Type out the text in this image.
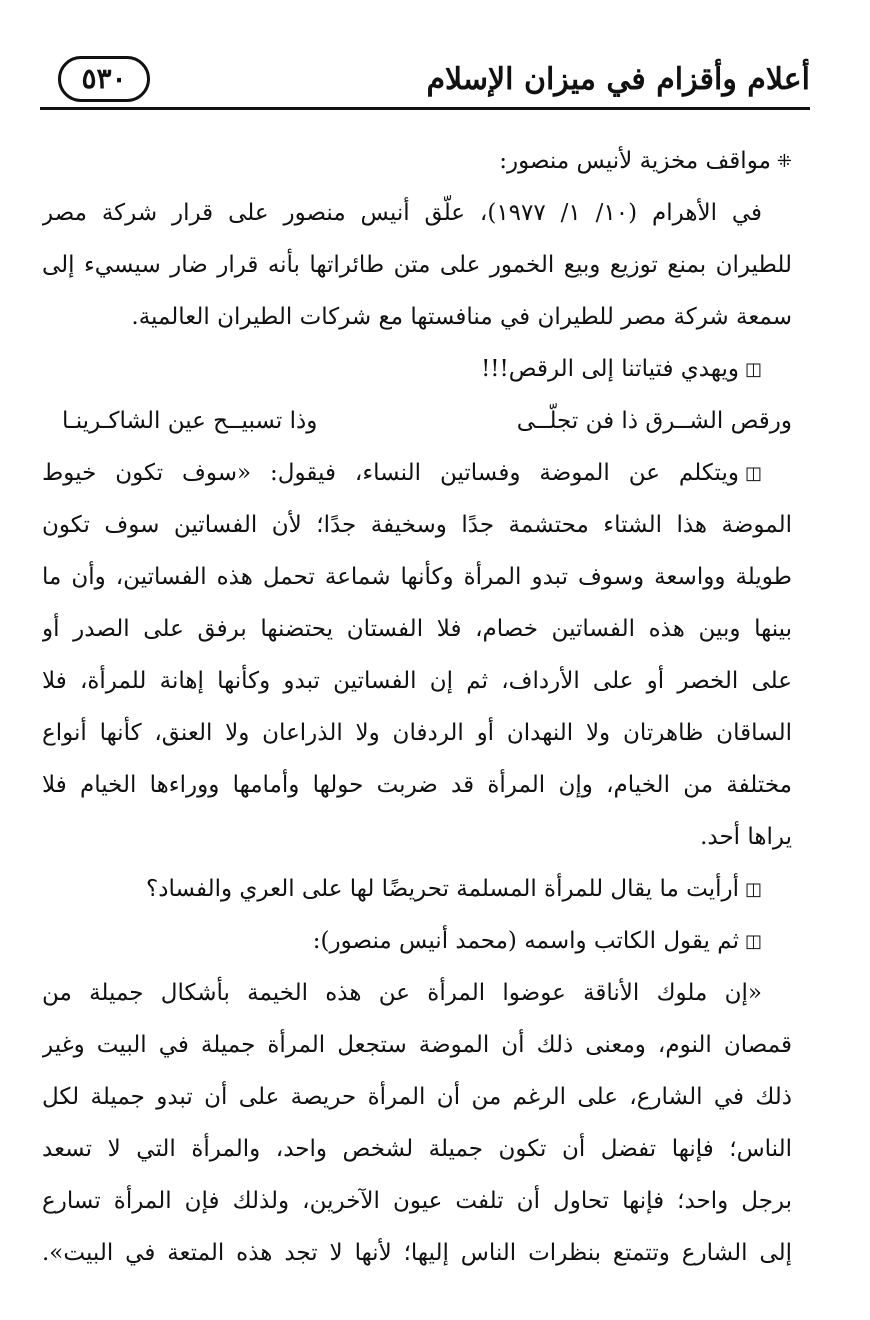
أعلام وأقزام في ميزان الإسلام
٥٣٠
⁜مواقف مخزية لأنيس منصور:
في الأهرام (١٠/ ١/ ١٩٧٧)، علّق أنيس منصور على قرار شركة مصر
للطيران بمنع توزيع وبيع الخمور على متن طائراتها بأنه قرار ضار سيسيء إلى
سمعة شركة مصر للطيران في منافستها مع شركات الطيران العالمية.
◫ويهدي فتياتنا إلى الرقص!!!
ورقص الشــرق ذا فن تجلّــى
وذا تسبيــح عين الشاكـرينـا
◫ويتكلم عن الموضة وفساتين النساء، فيقول: «سوف تكون خيوط
الموضة هذا الشتاء محتشمة جدًا وسخيفة جدًا؛ لأن الفساتين سوف تكون
طويلة وواسعة وسوف تبدو المرأة وكأنها شماعة تحمل هذه الفساتين، وأن ما
بينها وبين هذه الفساتين خصام، فلا الفستان يحتضنها برفق على الصدر أو
على الخصر أو على الأرداف، ثم إن الفساتين تبدو وكأنها إهانة للمرأة، فلا
الساقان ظاهرتان ولا النهدان أو الردفان ولا الذراعان ولا العنق، كأنها أنواع
مختلفة من الخيام، وإن المرأة قد ضربت حولها وأمامها ووراءها الخيام فلا
يراها أحد.
◫أرأيت ما يقال للمرأة المسلمة تحريضًا لها على العري والفساد؟
◫ثم يقول الكاتب واسمه (محمد أنيس منصور):
«إن ملوك الأناقة عوضوا المرأة عن هذه الخيمة بأشكال جميلة من
قمصان النوم، ومعنى ذلك أن الموضة ستجعل المرأة جميلة في البيت وغير
ذلك في الشارع، على الرغم من أن المرأة حريصة على أن تبدو جميلة لكل
الناس؛ فإنها تفضل أن تكون جميلة لشخص واحد، والمرأة التي لا تسعد
برجل واحد؛ فإنها تحاول أن تلفت عيون الآخرين، ولذلك فإن المرأة تسارع
إلى الشارع وتتمتع بنظرات الناس إليها؛ لأنها لا تجد هذه المتعة في البيت».
